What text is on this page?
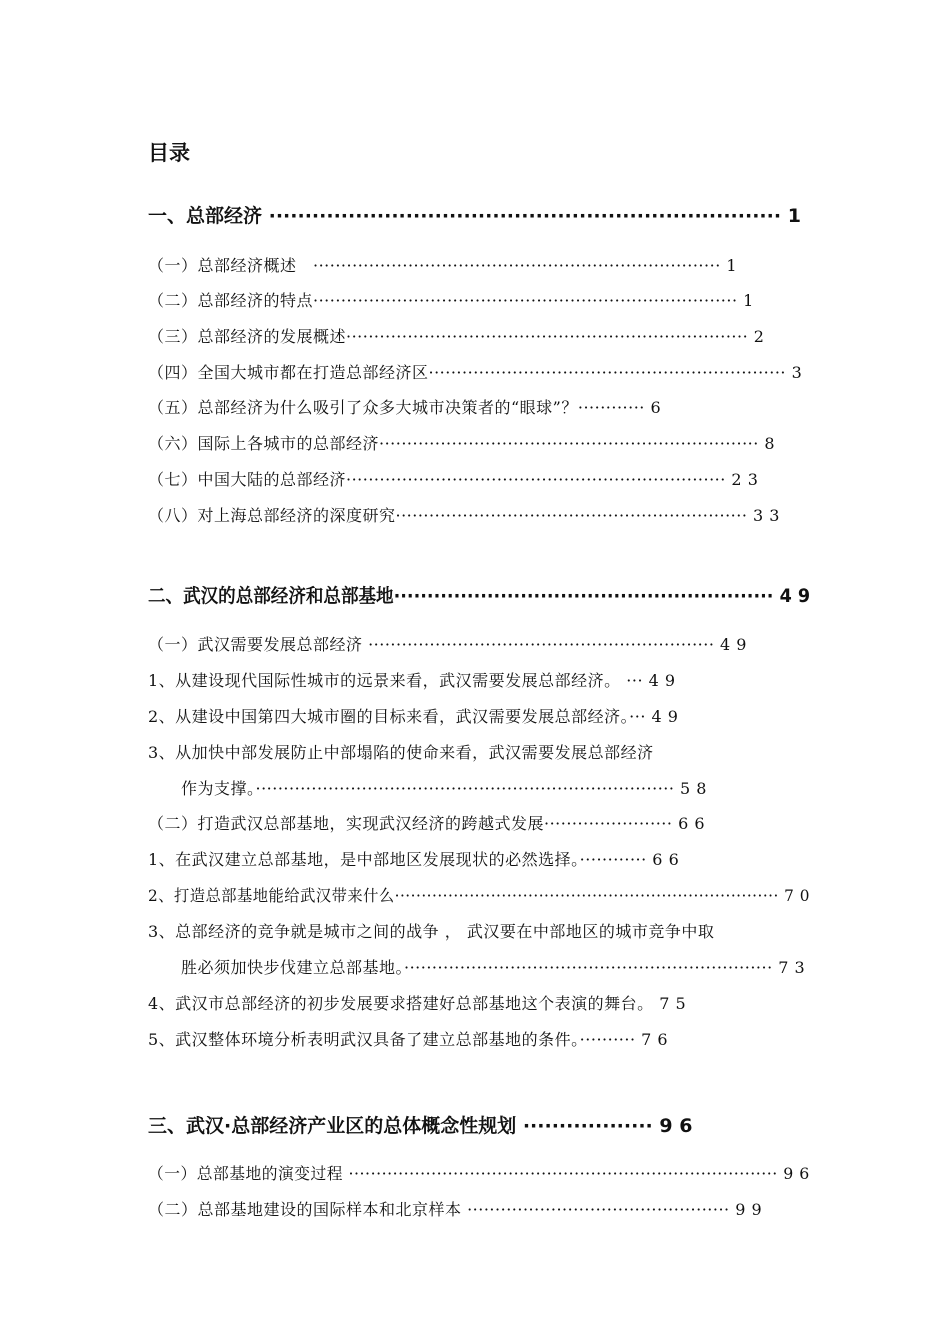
目录
一、总部经济 ······································································· 1
（一）总部经济概述　········································································· 1
（二）总部经济的特点············································································ 1
（三）总部经济的发展概述········································································ 2
（四）全国大城市都在打造总部经济区································································ 3
（五）总部经济为什么吸引了众多大城市决策者的“眼球”？············ 6
（六）国际上各城市的总部经济···································································· 8
（七）中国大陆的总部经济···································································· 2 3
（八）对上海总部经济的深度研究······························································· 3 3
二、武汉的总部经济和总部基地························································· 4 9
（一）武汉需要发展总部经济 ······························································ 4 9
1、从建设现代国际性城市的远景来看，武汉需要发展总部经济。 ··· 4 9
2、从建设中国第四大城市圈的目标来看，武汉需要发展总部经济。··· 4 9
3、从加快中部发展防止中部塌陷的使命来看，武汉需要发展总部经济
　　作为支撑。··········································································· 5 8
（二）打造武汉总部基地，实现武汉经济的跨越式发展······················· 6 6
1、在武汉建立总部基地，是中部地区发展现状的必然选择。············ 6 6
2、打造总部基地能给武汉带来什么········································································ 7 0
3、总部经济的竞争就是城市之间的战争 ， 武汉要在中部地区的城市竞争中取
　　胜必须加快步伐建立总部基地。·································································· 7 3
4、武汉市总部经济的初步发展要求搭建好总部基地这个表演的舞台。 7 5
5、武汉整体环境分析表明武汉具备了建立总部基地的条件。·········· 7 6
三、武汉·总部经济产业区的总体概念性规划 ·················· 9 6
（一）总部基地的演变过程 ·············································································· 9 6
（二）总部基地建设的国际样本和北京样本 ··············································· 9 9
